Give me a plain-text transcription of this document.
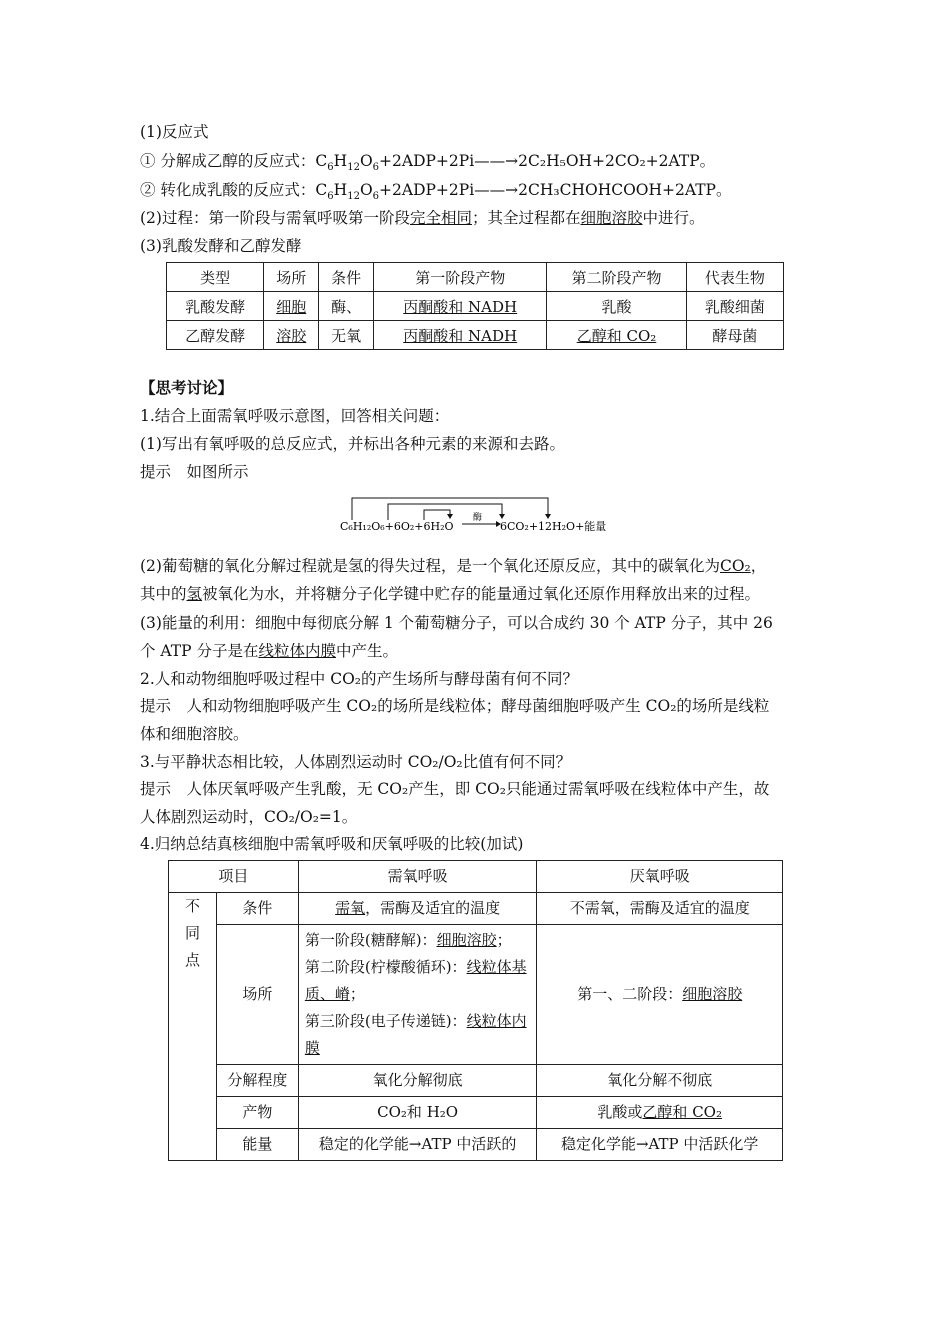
(1)反应式
① 分解成乙醇的反应式：$C_6H_{12}O_6+2ADP+2Pi——\to 2C_2H_5OH+2CO_2+2ATP$。
② 转化成乳酸的反应式：$C_6H_{12}O_6+2ADP+2Pi——\to 2CH_3CHOHCOOH+2ATP$。
(2)过程：第一阶段与需氧呼吸第一阶段完全相同；其全过程都在细胞溶胶中进行。
(3)乳酸发酵和乙醇发酵
类型	场所	条件	第一阶段产物	第二阶段产物	代表生物
乳酸发酵	细胞	酶、	丙酮酸和 NADH	乳酸	乳酸细菌
乙醇发酵	溶胶	无氧	丙酮酸和 NADH	乙醇和 CO₂	酵母菌
【思考讨论】
1.结合上面需氧呼吸示意图，回答相关问题：
(1)写出有氧呼吸的总反应式，并标出各种元素的来源和去路。
提示　如图所示
C₆H₁₂O₆+6O₂+6H₂O
酶
6CO₂+12H₂O+能量
(2)葡萄糖的氧化分解过程就是氢的得失过程，是一个氧化还原反应，其中的碳氧化为CO₂，
其中的氢被氧化为水，并将糖分子化学键中贮存的能量通过氧化还原作用释放出来的过程。
(3)能量的利用：细胞中每彻底分解 1 个葡萄糖分子，可以合成约 30 个 ATP 分子，其中 26
个 ATP 分子是在线粒体内膜中产生。
2.人和动物细胞呼吸过程中 CO₂的产生场所与酵母菌有何不同？
提示　人和动物细胞呼吸产生 CO₂的场所是线粒体；酵母菌细胞呼吸产生 CO₂的场所是线粒
体和细胞溶胶。
3.与平静状态相比较，人体剧烈运动时 CO₂/O₂比值有何不同？
提示　人体厌氧呼吸产生乳酸，无 CO₂产生，即 CO₂只能通过需氧呼吸在线粒体中产生，故
人体剧烈运动时，CO₂/O₂=1。
4.归纳总结真核细胞中需氧呼吸和厌氧呼吸的比较(加试)
项目		需氧呼吸	厌氧呼吸
不同点	条件	需氧，需酶及适宜的温度	不需氧，需酶及适宜的温度
	场所	第一阶段(糖酵解)：细胞溶胶；
第二阶段(柠檬酸循环)：线粒体基质、嵴；
第三阶段(电子传递链)：线粒体内膜	第一、二阶段：细胞溶胶
	分解程度	氧化分解彻底	氧化分解不彻底
	产物	CO₂和 H₂O	乳酸或乙醇和 CO₂
	能量	稳定的化学能→ATP 中活跃的	稳定化学能→ATP 中活跃化学
